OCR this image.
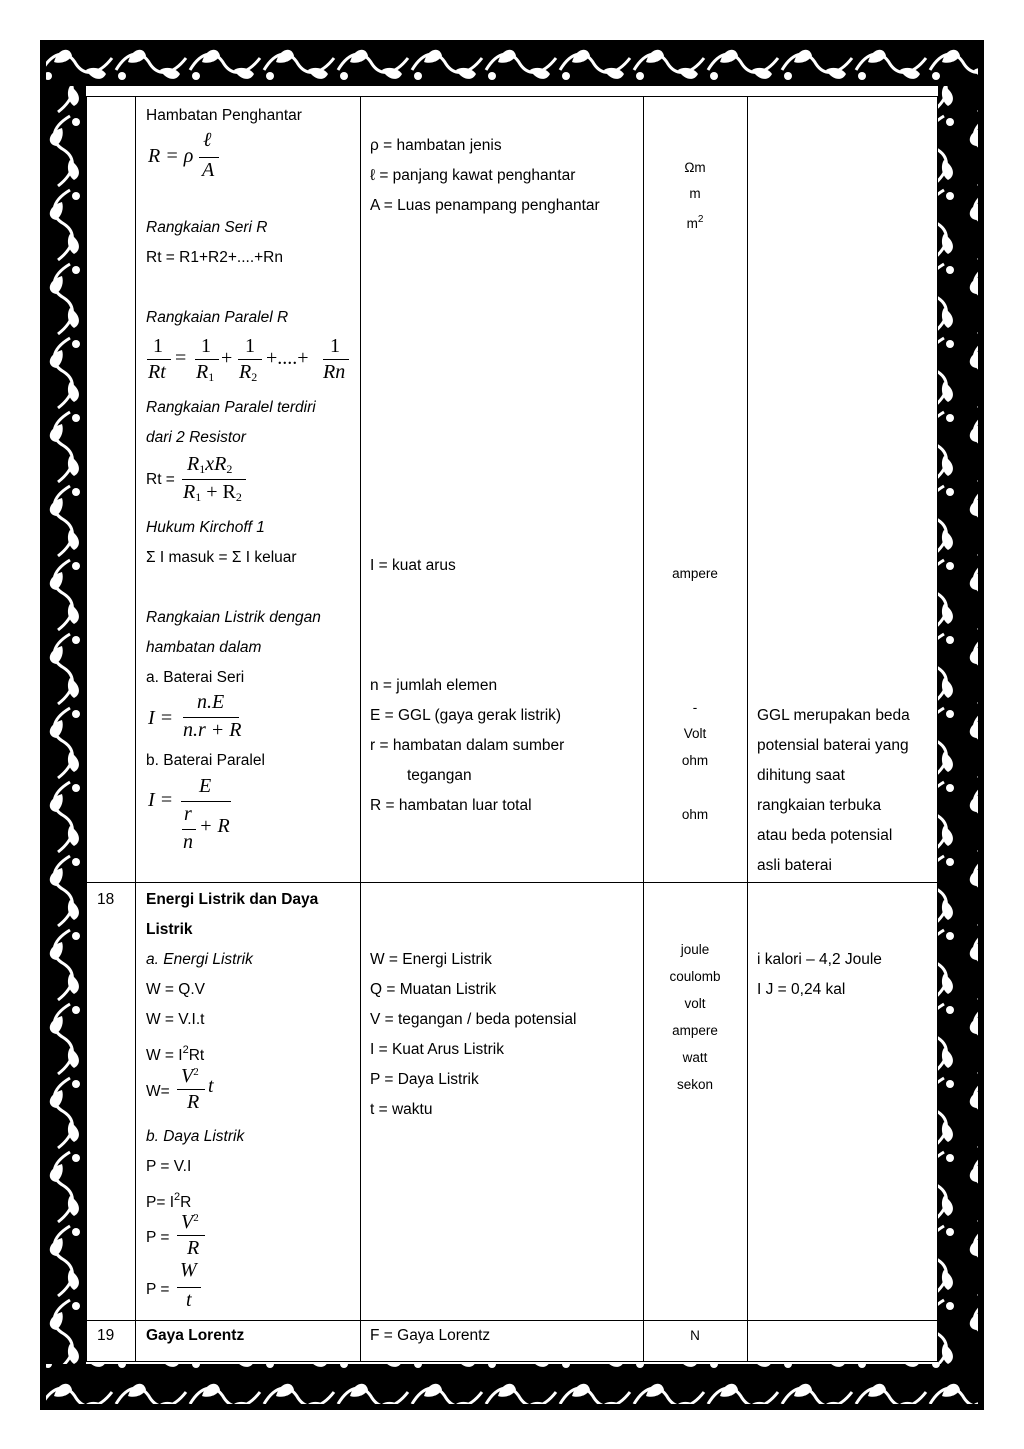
Hambatan Penghantar
R = ρ
ℓ
A
Rangkaian Seri R
Rt = R1+R2+....+Rn
Rangkaian Paralel R
1
Rt
=
1
$R_1$
+
1
$R_2$
+....+
1
Rn
Rangkaian Paralel terdiri
dari 2 Resistor
Rt =
$R_1xR_2$
$R_1 + R_2$
Hukum Kirchoff 1
Σ I masuk = Σ I keluar
Rangkaian Listrik dengan
hambatan dalam
a. Baterai Seri
I =
n.E
n.r + R
b. Baterai Paralel
I =
E
r
n
+ R
ρ = hambatan jenis
ℓ = panjang kawat penghantar
A = Luas penampang penghantar
I = kuat arus
n = jumlah elemen
E = GGL (gaya gerak listrik)
r = hambatan dalam sumber
tegangan
R = hambatan luar total
Ωm
m
$m^2$
ampere
-
Volt
ohm
ohm
GGL merupakan beda
potensial baterai yang
dihitung saat
rangkaian terbuka
atau beda potensial
asli baterai
18 Energi Listrik dan Daya
Listrik
a. Energi Listrik
W = Q.V
W = V.I.t
$W = I^2Rt$
W=
$V^2$
R
t
b. Daya Listrik
P = V.I
$P= I^2R$
P =
$V^2$
R
P =
W
t
W = Energi Listrik
Q = Muatan Listrik
V = tegangan / beda potensial
I = Kuat Arus Listrik
P = Daya Listrik
t = waktu
joule
coulomb
volt
ampere
watt
sekon
i kalori – 4,2 Joule
I J = 0,24 kal
19 Gaya Lorentz	F = Gaya Lorentz	N
